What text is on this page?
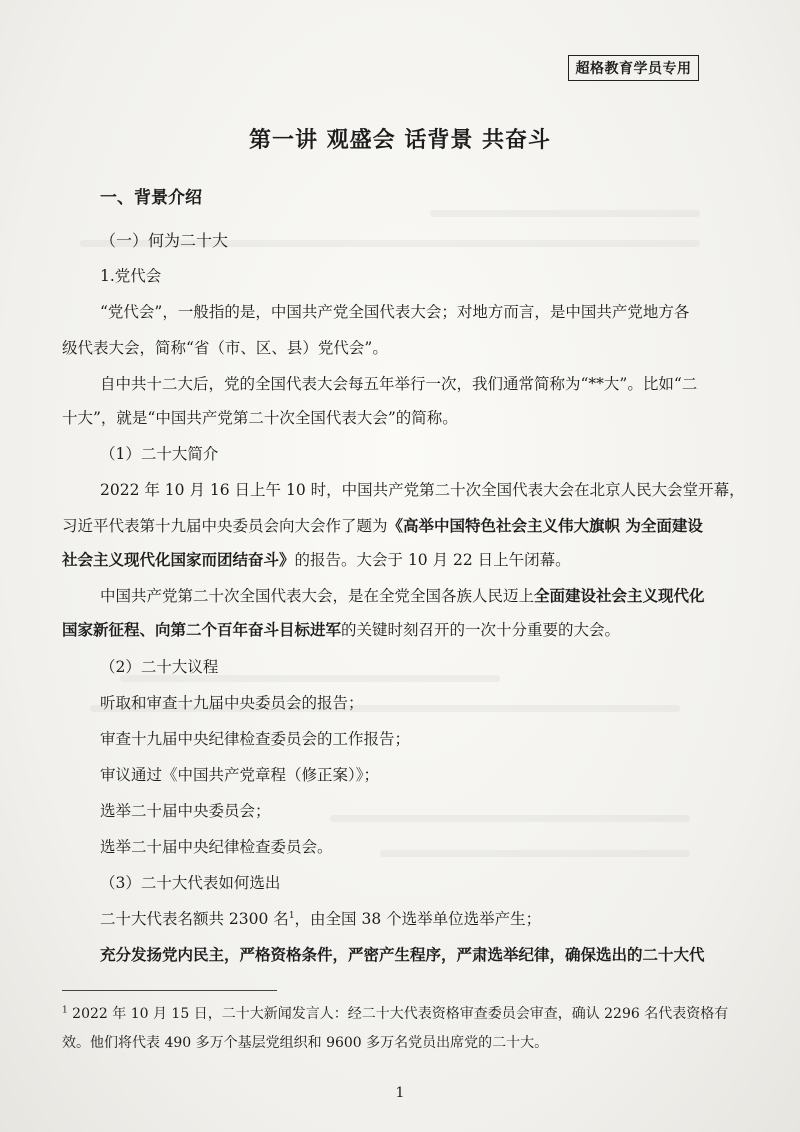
超格教育学员专用
第一讲 观盛会 话背景 共奋斗
一、背景介绍
（一）何为二十大
1.党代会
“党代会”，一般指的是，中国共产党全国代表大会；对地方而言，是中国共产党地方各
级代表大会，简称“省（市、区、县）党代会”。
自中共十二大后，党的全国代表大会每五年举行一次，我们通常简称为“**大”。比如“二
十大”，就是“中国共产党第二十次全国代表大会”的简称。
（1）二十大简介
2022 年 10 月 16 日上午 10 时，中国共产党第二十次全国代表大会在北京人民大会堂开幕，
习近平代表第十九届中央委员会向大会作了题为《高举中国特色社会主义伟大旗帜 为全面建设
社会主义现代化国家而团结奋斗》的报告。大会于 10 月 22 日上午闭幕。
中国共产党第二十次全国代表大会，是在全党全国各族人民迈上全面建设社会主义现代化
国家新征程、向第二个百年奋斗目标进军的关键时刻召开的一次十分重要的大会。
（2）二十大议程
听取和审查十九届中央委员会的报告；
审查十九届中央纪律检查委员会的工作报告；
审议通过《中国共产党章程（修正案）》；
选举二十届中央委员会；
选举二十届中央纪律检查委员会。
（3）二十大代表如何选出
二十大代表名额共 2300 名$^1$，由全国 38 个选举单位选举产生；
充分发扬党内民主，严格资格条件，严密产生程序，严肃选举纪律，确保选出的二十大代
$^1$ 2022 年 10 月 15 日，二十大新闻发言人：经二十大代表资格审查委员会审查，确认 2296 名代表资格有
效。他们将代表 490 多万个基层党组织和 9600 多万名党员出席党的二十大。
1
